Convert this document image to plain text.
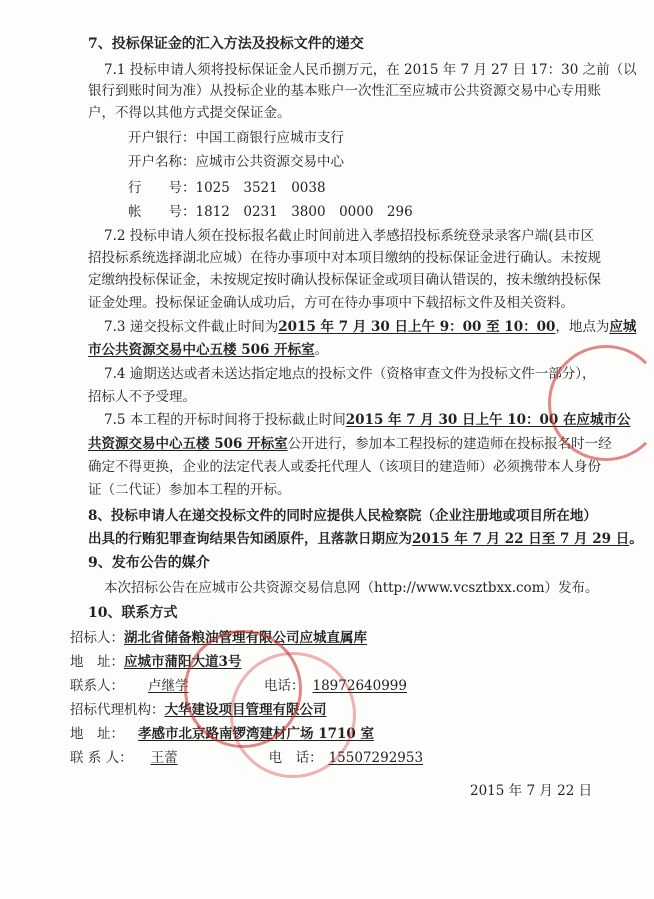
7、投标保证金的汇入方法及投标文件的递交
7.1 投标申请人须将投标保证金人民币捌万元，在 2015 年 7 月 27 日 17：30 之前（以
银行到账时间为准）从投标企业的基本账户一次性汇至应城市公共资源交易中心专用账
户，不得以其他方式提交保证金。
开户银行：中国工商银行应城市支行
开户名称：应城市公共资源交易中心
行　　号：1025　3521　0038
帐　　号：1812　0231　3800　0000　296
7.2 投标申请人须在投标报名截止时间前进入孝感招投标系统登录录客户端(县市区
招投标系统选择湖北应城）在待办事项中对本项目缴纳的投标保证金进行确认。未按规
定缴纳投标保证金，未按规定按时确认投标保证金或项目确认错误的，按未缴纳投标保
证金处理。投标保证金确认成功后，方可在待办事项中下载招标文件及相关资料。
7.3 递交投标文件截止时间为2015 年 7 月 30 日上午 9：00 至 10：00，地点为应城
市公共资源交易中心五楼 506 开标室。
7.4 逾期送达或者未送达指定地点的投标文件（资格审查文件为投标文件一部分），
招标人不予受理。
7.5 本工程的开标时间将于投标截止时间2015 年 7 月 30 日上午 10：00 在应城市公
共资源交易中心五楼 506 开标室公开进行，参加本工程投标的建造师在投标报名时一经
确定不得更换，企业的法定代表人或委托代理人（该项目的建造师）必须携带本人身份
证（二代证）参加本工程的开标。
8、投标申请人在递交投标文件的同时应提供人民检察院（企业注册地或项目所在地）
出具的行贿犯罪查询结果告知函原件，且落款日期应为2015 年 7 月 22 日至 7 月 29 日。
9、发布公告的媒介
本次招标公告在应城市公共资源交易信息网（http://www.vcsztbxx.com）发布。
10、联系方式
招标人：湖北省储备粮油管理有限公司应城直属库
地　址：应城市蒲阳大道3号
联系人： 卢继学	电话： 18972640999
招标代理机构：大华建设项目管理有限公司
地　址： 孝感市北京路南锣湾建材广场 1710 室
联 系 人： 王蕾	电　话： 15507292953
2015 年 7 月 22 日
